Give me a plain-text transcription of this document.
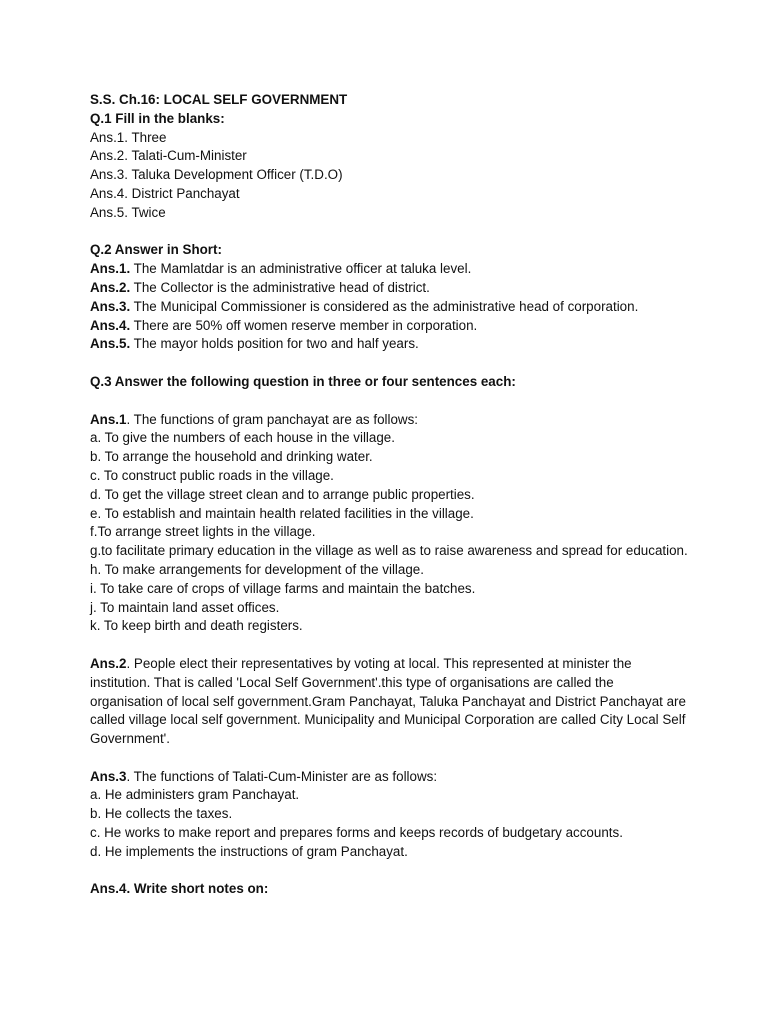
S.S. Ch.16: LOCAL SELF GOVERNMENT

Q.1 Fill in the blanks:

Ans.1. Three

Ans.2. Talati-Cum-Minister

Ans.3. Taluka Development Officer (T.D.O)

Ans.4. District Panchayat

Ans.5. Twice

Q.2 Answer in Short:

Ans.1. The Mamlatdar is an administrative officer at taluka level.

Ans.2. The Collector is the administrative head of district.

Ans.3. The Municipal Commissioner is considered as the administrative head of corporation.

Ans.4. There are 50% off women reserve member in corporation.

Ans.5. The mayor holds position for two and half years.

Q.3 Answer the following question in three or four sentences each:

Ans.1. The functions of gram panchayat are as follows:

a. To give the numbers of each house in the village.

b. To arrange the household and drinking water.

c. To construct public roads in the village.

d. To get the village street clean and to arrange public properties.

e. To establish and maintain health related facilities in the village.

f.To arrange street lights in the village.

g.to facilitate primary education in the village as well as to raise awareness and spread for education.

h. To make arrangements for development of the village.

i. To take care of crops of village farms and maintain the batches.

j. To maintain land asset offices.

k. To keep birth and death registers.

Ans.2. People elect their representatives by voting at local. This represented at minister the institution. That is called 'Local Self Government'.this type of organisations are called the organisation of local self government.Gram Panchayat, Taluka Panchayat and District Panchayat are called village local self government. Municipality and Municipal Corporation are called City Local Self Government'.

Ans.3. The functions of Talati-Cum-Minister are as follows:

a. He administers gram Panchayat.

b. He collects the taxes.

c. He works to make report and prepares forms and keeps records of budgetary accounts.

d. He implements the instructions of gram Panchayat.

Ans.4. Write short notes on:
